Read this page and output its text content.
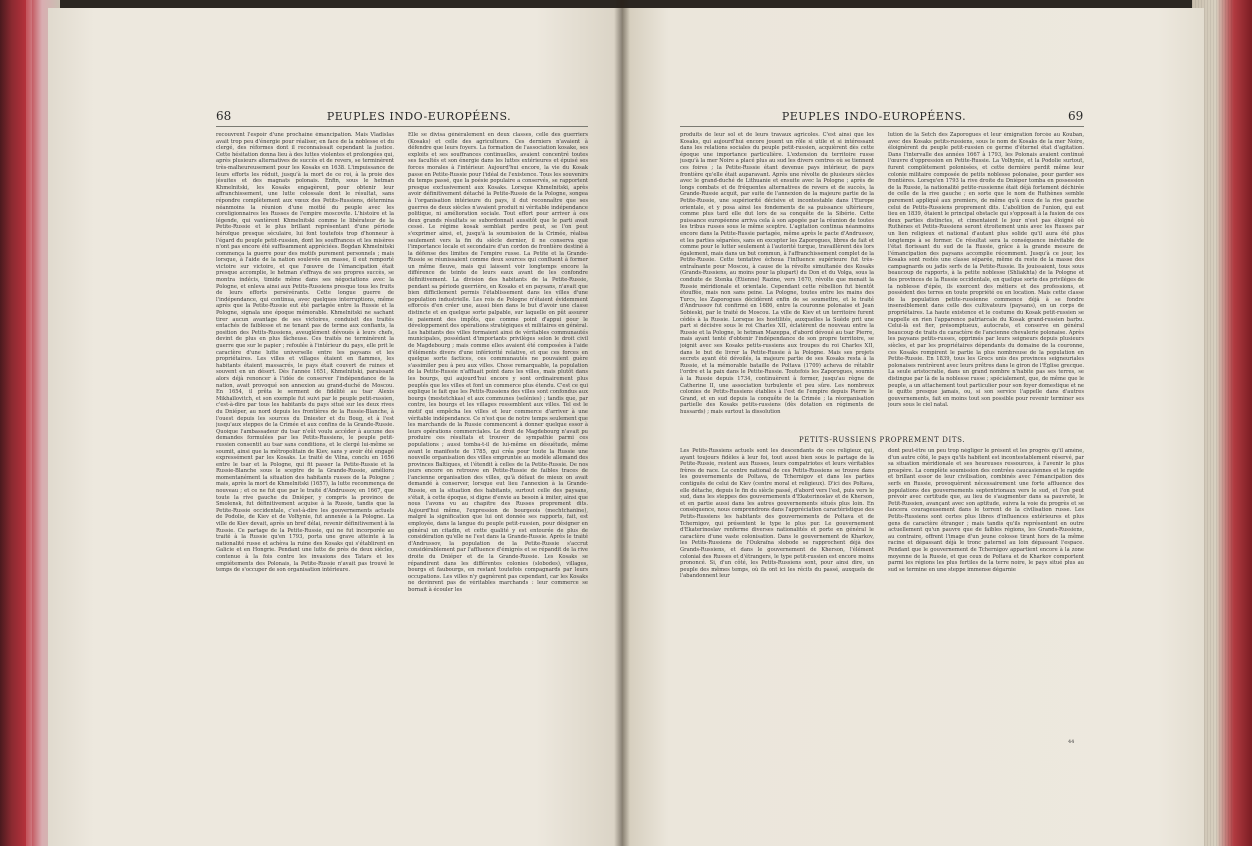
68	PEUPLES INDO-EUROPÉENS.

recouvrent l'espoir d'une prochaine émancipation. Mais Vladislas avait trop peu d'énergie pour réaliser, en face de la noblesse et du clergé, des réformes dont il reconnaissait cependant la justice. Cette hésitation donna lieu à des luttes violentes et prolongées qui, après plusieurs alternatives de succès et de revers, se terminèrent très-malheureusement pour les Kosaks en 1638. L'impuissance de leurs efforts les réduit, jusqu'à la mort de ce roi, à la proie des jésuites et des magnats polonais. Enfin, sous le hetman Khmelnitski, les Kosaks engagèrent, pour obtenir leur affranchissement, une lutte colossale dont le résultat, sans répondre complètement aux vœux des Petits-Russiens, détermina néanmoins la réunion d'une moitié du peuple avec les coreligionnaires les Russes de l'empire moscovite. L'histoire et la légende, qui vantèrent Khmelnitski comme le libérateur de la Petite-Russie et le plus brillant représentant d'une période héroïque presque séculaire, lui font toutefois trop d'honneur à l'égard du peuple petit-russien, dont les souffrances et les misères n'ont pas encore été suffisamment appréciées. Bogdan Khmelnitski commença la guerre pour des motifs purement personnels ; mais lorsque, à l'aide de la nation soulevée en masse, il eut remporté victoire sur victoire, et que l'œuvre de l'émancipation était presque accomplie, le hetman s'effraya de ses propres succès, se montra indécis, timide même dans ses négociations avec la Pologne, et enleva ainsi aux Petits-Russiens presque tous les fruits de leurs efforts persévérants. Cette longue guerre de l'indépendance, qui continua, avec quelques interruptions, même après que la Petite-Russie eut été partagée entre la Russie et la Pologne, signala une époque mémorable. Khmelnitski ne sachant tirer aucun avantage de ses victoires, conduisit des traités entachés de faiblesse et ne tenant pas de terme aux confiants, la position des Petits-Russiens, aveuglément dévoués à leurs chefs, devint de plus en plus fâcheuse. Ces traités ne terminèrent la guerre que sur le papier ; refoulée à l'intérieur du pays, elle prit le caractère d'une lutte universelle entre les paysans et les propriétaires. Les villes et villages étaient en flammes, les habitants étaient massacrés, le pays était couvert de ruines et souvent en un désert. Dès l'année 1651, Khmelnitski, paraissant alors déjà renoncer à l'idée de conserver l'indépendance de la nation, avait provoqué son annexion au grand-duché de Moscou. En 1654, il prêta le serment de fidélité au tsar Alexis Mikhaïlovitch, et son exemple fut suivi par le peuple petit-russien, c'est-à-dire par tous les habitants du pays situé sur les deux rives du Dniéper, au nord depuis les frontières de la Russie-Blanche, à l'ouest depuis les sources du Dniester et du Boug, et à l'est jusqu'aux steppes de la Crimée et aux confins de la Grande-Russie. Quoique l'ambassadeur du tsar n'eût voulu accéder à aucune des demandes formulées par les Petits-Russiens, le peuple petit-russien consentit au tsar sans conditions, et le clergé lui-même se soumit, ainsi que la métropolitain de Kiev, sans y avoir été engagé expressément par les Kosaks. Le traité de Vilna, conclu en 1656 entre le tsar et la Pologne, qui fit passer la Petite-Russie et la Russie-Blanche sous le sceptre de la Grande-Russie, améliora momentanément la situation des habitants russes de la Pologne ; mais, après la mort de Khmelnitski (1657), la lutte recommença de nouveau ; et ce ne fut que par le traité d'Andrussov, en 1667, que toute la rive gauche du Dniéper, y compris la province de Smolensk, fut définitivement acquise à la Russie, tandis que la Petite-Russie occidentale, c'est-à-dire les gouvernements actuels de Podolie, de Kiev et de Volhynie, fut annexée à la Pologne. La ville de Kiev devait, après un bref délai, revenir définitivement à la Russie. Ce partage de la Petite-Russie, qui ne fut incorporée au traité à la Russie qu'en 1793, porta une grave atteinte à la nationalité russe et achèva la ruine des Kosaks qui s'établirent en Galicie et en Hongrie. Pendant une lutte de près de deux siècles, contenue à la fois contre les invasions des Tatars et les empiétements des Polonais, la Petite-Russie n'avait pas trouvé le temps de s'occuper de son organisation intérieure.

Elle se divisa généralement en deux classes, celle des guerriers (Kosaks) et celle des agriculteurs. Ces derniers n'avaient à défendre que leurs foyers. La formation de l'association kosake, ses exploits et ses souffrances continuelles, avaient concentré toutes ses facultés et son énergie dans les luttes extérieures et épuisé ses forces morales à l'intérieur. Aujourd'hui encore, la vie du Kosak passe en Petite-Russie pour l'idéal de l'existence. Tous les souvenirs du temps passé, que la poésie populaire a conservés, se rapportent presque exclusivement aux Kosaks. Lorsque Khmelnitski, après avoir définitivement détaché la Petite-Russie de la Pologne, songea à l'organisation intérieure du pays, il dut reconnaître que ses guerres de deux siècles n'avaient produit ni véritable indépendance politique, ni amélioration sociale. Tout effort pour arriver à ces deux grands résultats se subordonnait aussitôt que le parti avait cessé. Le régime kosak semblait perdre peut, se l'on peut s'exprimer ainsi, et, jusqu'à la soumission de la Crimée, réalisa seulement vers la fin du siècle dernier, il ne conserva que l'importance locale et secondaire d'un cordon de frontière destiné à la défense des limites de l'empire russe. La Petite et la Grande-Russie se réunissaient comme deux sources qui confluent à former un même fleuve, mais qui laissent voir longtemps encore la différence de teinte de leurs eaux avant de les confondre définitivement. La division des habitants de la Petite-Russie, pendant sa période guerrière, en Kosaks et en paysans, n'avait que bien difficilement permis l'établissement dans les villes d'une population industrielle. Les rois de Pologne n'étaient évidemment efforcés d'en créer une, aussi bien dans le but d'avoir une classe distincte et en quelque sorte palpable, sur laquelle on pût assurer le paiement des impôts, que comme point d'appui pour le développement des opérations stratégiques et militaires en général. Les habitants des villes formaient ainsi de véritables communautés municipales, possédant d'importants privilèges selon le droit civil de Magdebourg ; mais comme elles avaient été composées à l'aide d'éléments divers d'une infériorité relative, et que ces forces en quelque sorte factices, ces communautés ne pouvaient guère s'assimiler peu à peu aux villes. Chose remarquable, la population de la Petite-Russie n'affluait point dans les villes, mais plutôt dans les bourgs, qui aujourd'hui encore y sont ordinairement plus peuplés que les villes et font un commerce plus étendu. C'est ce qui explique le fait que les Petits-Russiens des villes sont confondus aux bourgs (mestetchkas) et aux communes (selénies) ; tandis que, par contre, les bourgs et les villages ressemblent aux villes. Tel est le motif qui empêcha les villes et leur commerce d'arriver à une véritable indépendance. Ce n'est que de notre temps seulement que les marchands de la Russie commencent à donner quelque essor à leurs opérations commerciales. Le droit de Magdebourg n'avait pu produire ces résultats et trouver de sympathie parmi ces populations ; aussi tomba-t-il de lui-même en désuétude, même avant le manifeste de 1785, qui créa pour toute la Russie une nouvelle organisation des villes empruntée au modèle allemand des provinces Baltiques, et l'étendit à celles de la Petite-Russie. De nos jours encore on retrouve en Petite-Russie de faibles traces de l'ancienne organisation des villes, qu'à défaut de mieux on avait demandé à conserver, lorsque eut lieu l'annexion à la Grande-Russie, en la situation des habitants, surtout celle des paysans, s'était, à cette époque, si digne d'envie au besoin à imiter, ainsi que nous l'avons vu au chapitre des Russes proprement dits. Aujourd'hui même, l'expression de bourgeois (mechtchanine), malgré la signification que lui ont donnée ses rapports, fait, est employée, dans la langue du peuple petit-russien, pour désigner en général un citadin, et cette qualité y est entourée de plus de considération qu'elle ne l'est dans la Grande-Russie. Après le traité d'Andrussov, la population de la Petite-Russie s'accrut considérablement par l'affluence d'émigrés et se répandit de la rive droite du Dniéper et de la Grande-Russie. Les Kosaks se répandirent dans les différentes colonies (slobodes), villages, bourgs et faubourgs, en restant toutefois compagnards par leurs occupations. Les villes n'y gagnèrent pas cependant, car les Kosaks ne devinrent pas de véritables marchands : leur commerce se bornait à écouler les

PEUPLES INDO-EUROPÉENS.	69

produits de leur sol et de leurs travaux agricoles. C'est ainsi que les Kosaks, qui aujourd'hui encore jouent un rôle si utile et si intéressant dans les relations sociales du peuple petit-russien, acquièrent dès cette époque une importance particulière. L'extension du territoire russe jusqu'à la mer Noire a placé plus au sud les divers centres où se tiennent ces foires ; la Petite-Russie étant devenue pays intérieur, de pays frontière qu'elle était auparavant. Après une révolte de plusieurs siècles avec le grand-duché de Lithuanie et ensuite avec la Pologne ; après de longs combats et de fréquentes alternatives de revers et de succès, la Grande-Russie acquit, par suite de l'annexion de la majeure partie de la Petite-Russie, une supériorité décisive et incontestable dans l'Europe orientale, et y posa ainsi les fondements de sa puissance ultérieure, comme plus tard elle dut lors de sa conquête de la Sibérie. Cette puissance européenne arriva cela à son apogée par la réunion de toutes les tribus russes sous le même sceptre. L'agitation continua néanmoins encore dans la Petite-Russie partagée, même après le pacte d'Andrussov, et les parties séparées, sans en excepter les Zaporogues, libres de fait et comme pour le lutter seulement à l'autorité turque, travaillèrent dès lors également, mais dans un but commun, à l'affranchissement complet de la Petite-Russie. Cette tentative échoua l'influence supérieure fut très-entraînante pour Moscou, à cause de la révolte simultanée des Kosaks (Grands-Russiens, au moins pour la plupart) du Don et du Volga, sous la conduite de Stenka (Étienne) Razine, vers 1670, révolte que menait la Russie méridionale et orientale. Cependant cette rébellion fut bientôt étouffée, mais non sans peine. La Pologne, toutes entre les mains des Turcs, les Zaporogues décidèrent enfin de se soumettre, et le traité d'Andrussov fut confirmé en 1686, entre la couronne polonaise et Jean Sobieski, par le traité de Moscou. La ville de Kiev et un territoire furent cédés à la Russie. Lorsque les hostilités, auxquelles la Suède prit une part si décisive sous le roi Charles XII, éclatèrent de nouveau entre la Russie et la Pologne, le hetman Mazeppa, d'abord dévoué au tsar Pierre, mais ayant tenté d'obtenir l'indépendance de son propre territoire, se joignit avec ses Kosaks petits-russiens aux troupes du roi Charles XII, dans le but de livrer la Petite-Russie à la Pologne. Mais ses projets secrets ayant été dévoilés, la majeure partie de ses Kosaks resta à la Russie, et la mémorable bataille de Poltava (1709) acheva de rétablir l'ordre et la paix dans le Petite-Russie. Toutefois les Zaporogues, soumis à la Russie depuis 1734, continuèrent à former, jusqu'au règne de Catherine II, une association turbulente et peu sûre. Les nombreux colonies de Petits-Russiens établies à l'est de l'empire depuis Pierre le Grand, et en sud depuis la conquête de la Crimée ; la réorganisation partielle des Kosaks petits-russiens (dès dotation en régiments de hussards) ; mais surtout la dissolution

lution de la Setch des Zaporogues et leur émigration forcée au Kouban, avec des Kosaks petits-russiens, sous le nom de Kosaks de la mer Noire, éloignèrent du peuple petit-russien ce germe d'éternel état d'agitation. Dans l'intervalle des années 1667 à 1793, les Polonais avaient continué l'œuvre d'oppression en Petite-Russie. La Volhynie, et la Podolie surtout, furent complètement polonisées, et cette dernière perdit même leur colonie militaire composée de petits noblesse polonaise, pour garder ses frontières. Lorsqu'en 1793 la rive droite du Dniéper tomba en possession de la Russie, la nationalité petite-russienne était déjà fortement déchirée de celle de la rive gauche ; en sorte que le nom de Ruthènes semble purement appliqué aux premiers, de même qu'à ceux de la rive gauche celui de Petits-Russiens proprement dits. L'abolition de l'union, qui eut lieu en 1839, ôtaient le principal obstacle qui s'opposait à la fusion de ces deux parties distinctes, et cimentaient le jour n'est pas éloigné où Ruthènes et Petits-Russiens seront étroitement unis avec les Russes par un lien religieux et national d'autant plus solide qu'il aura été plus longtemps à se former. Ce résultat sera la conséquence inévitable de l'état florissant du sud de la Russie, grâce à la grande mesure de l'émancipation des paysans accomplie récemment. Jusqu'à ce jour, les Kosaks sont restés une classe séparée, même du reste de la masse des campagnards ou jadis serfs de la Petite-Russie. Ils jouissaient, tous sous beaucoup de rapports, à la petite noblesse (Shliakhta) de la Pologne et des provinces de la Russie occidentale, en quelque sorte des priviléges de la noblesse d'épée, ils exercent des métiers et des professions, et possèdent des terres en toute propriété ou en location. Mais cette classe de la population petite-russienne commence déjà à se fondre insensiblement dans celle des cultivateurs (paysans), en un corps de propriétaires. La haute existence et le costume du Kosak petit-russien se rappelle en rien l'apparence patriarcale du Kosak grand-russien barbu. Celui-là est fier, présomptueux, autocrate, et conserve en général beaucoup de traits du caractère de l'ancienne chevalerie polonaise. Après les paysans petits-russes, opprimés par leurs seigneurs depuis plusieurs siècles, et par les propriétaires dépendants du domaine de la couronne, ces Kosaks rompirent le partie la plus nombreuse de la population en Petite-Russie. En 1839, tous les Grecs unis des provinces seigneuriales polonaises rentrèrent avec leurs prêtres dans le giron de l'Église grecque. La seule aristocratie, dans un grand nombre n'habite pas ses terres, se distingue par là de la noblesse russe ; spécialement, que, de même que le peuple, a un attachement tout particulier pour son foyer domestique et ne le quitte presque jamais, ou, si son service l'appelle dans d'autres gouvernements, fait en moins tout son possible pour revenir terminer ses jours sous le ciel natal.

PETITS-RUSSIENS PROPREMENT DITS.

Les Petits-Russiens actuels sont les descendants de ces religieux qui, ayant toujours fidèles à leur foi, tout aussi bien sous le partage de la Petite-Russie, restent aux Russes, leurs compatriotes et leurs véritables frères de race. Le centre national de ces Petits-Russiens se trouve dans les gouvernements de Poltava, de Tchernigov et dans les parties contiguës de celui de Kiev (centre moral et religieux). D'ici des Poltava, elle détache, depuis le fin du siècle passé, d'abord vers l'est, puis vers le sud, dans les steppes des gouvernements d'Ekaterinoslav et de Kherson, et en partie aussi dans les autres gouvernements situés plus loin. En conséquence, nous comprendrons dans l'appréciation caractéristique des Petits-Russiens les habitants des gouvernements de Poltava et de Tchernigov, qui présentent le type le plus pur. Le gouvernement d'Ekaterinoslav renferme diverses nationalités et porte en général le caractère d'une vaste colonisation. Dans le gouvernement de Kharkov, les Petits-Russiens de l'Oukraïna slobode se rapprochent déjà des Grands-Russiens, et dans le gouvernement de Kherson, l'élément colonial des Russes et d'étrangers, le type petit-russien est encore moins prononcé. Si, d'un côté, les Petits-Russiens sont, pour ainsi dire, un peuple des mêmes temps, où ils ont ici les récits du passé, auxquels de l'abandonnent leur

dont peut-être un peu trop négliger le présent et les progrès qu'il amène, d'un autre côté, le pays qu'ils habitent est incontestablement réservé, par sa situation méridionale et ses heureuses ressources, à l'avenir le plus prospère. La complète soumission des contrées caucasiennes et le rapide et brillant essor de leur civilisation, combinés avec l'émancipation des serfs en Russie, provoquèrent nécessairement une forte affluence des populations des gouvernements septentrionaux vers le sud, et l'on peut prévoir avec certitude que, au lieu de s'augmenter dans sa pauvreté, le Petit-Russien, avançant avec son aptitude, suivra la voie du progrès et se lancera courageusement dans le torrent de la civilisation russe. Les Petits-Russiens sont certes plus libres d'influences extérieures et plus gens de caractère étranger ; mais tandis qu'ils représentent en outre actuellement qu'un pauvre que de faibles régions, les Grands-Russiens, au contraire, offrent l'image d'un jeune colosse tirant hors de la même racine et dépassant déjà le tronc paternel au loin dépassant l'espace. Pendant que le gouvernement de Tchernigov appartient encore à la zone moyenne de la Russie, et que ceux de Poltava et de Kharkov comportent parmi les régions les plus fertiles de la terre noire, le pays situé plus au sud se termine en une steppe immense dégarnie

44
